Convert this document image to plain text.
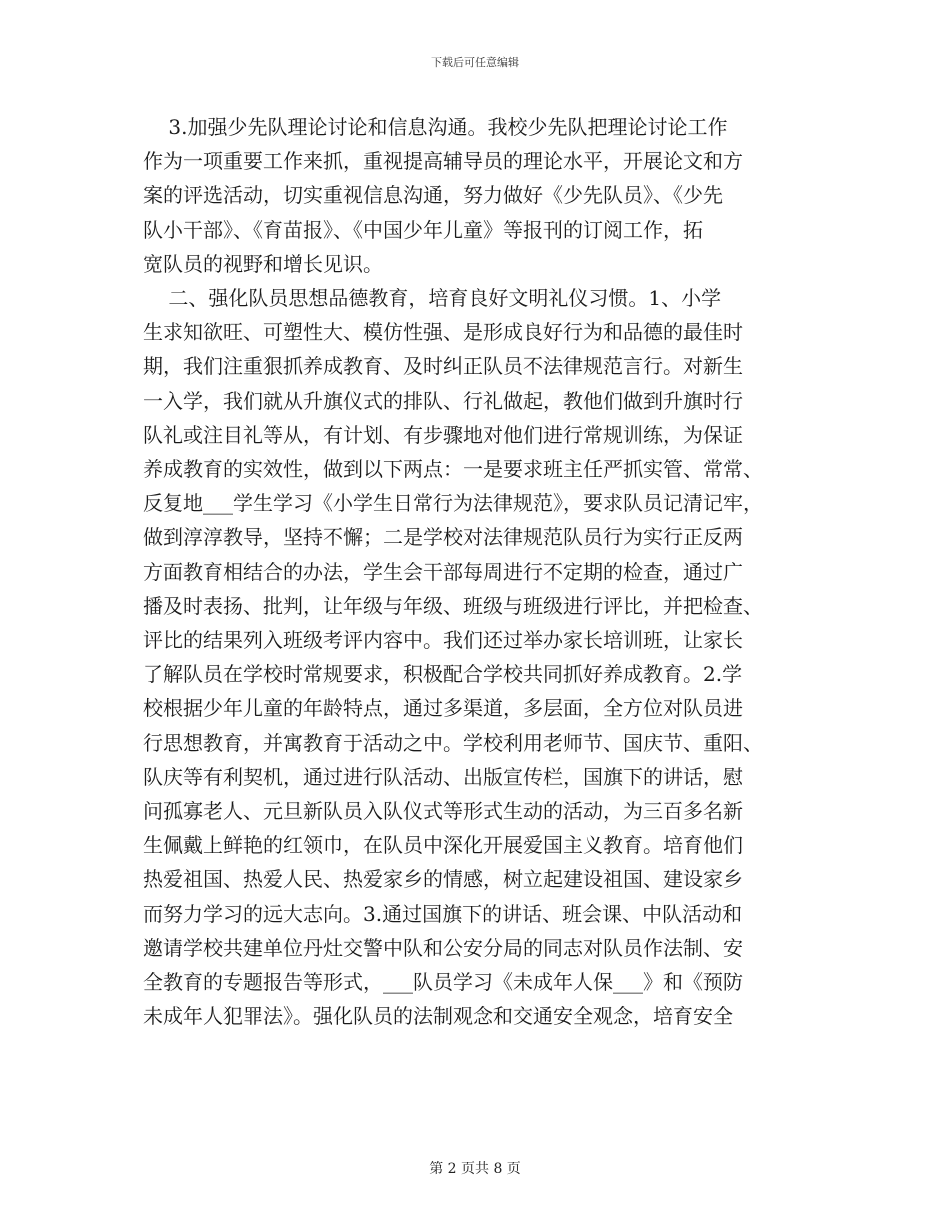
下载后可任意编辑

3.加强少先队理论讨论和信息沟通。我校少先队把理论讨论工作
作为一项重要工作来抓，重视提高辅导员的理论水平，开展论文和方
案的评选活动，切实重视信息沟通，努力做好《少先队员》、《少先
队小干部》、《育苗报》、《中国少年儿童》等报刊的订阅工作，拓
宽队员的视野和增长见识。

二、强化队员思想品德教育，培育良好文明礼仪习惯。1、小学
生求知欲旺、可塑性大、模仿性强、是形成良好行为和品德的最佳时
期，我们注重狠抓养成教育、及时纠正队员不法律规范言行。对新生
一入学，我们就从升旗仪式的排队、行礼做起，教他们做到升旗时行
队礼或注目礼等从，有计划、有步骤地对他们进行常规训练，为保证
养成教育的实效性，做到以下两点：一是要求班主任严抓实管、常常、
反复地___学生学习《小学生日常行为法律规范》，要求队员记清记牢，
做到淳淳教导，坚持不懈；二是学校对法律规范队员行为实行正反两
方面教育相结合的办法，学生会干部每周进行不定期的检查，通过广
播及时表扬、批判，让年级与年级、班级与班级进行评比，并把检查、
评比的结果列入班级考评内容中。我们还过举办家长培训班，让家长
了解队员在学校时常规要求，积极配合学校共同抓好养成教育。2.学
校根据少年儿童的年龄特点，通过多渠道，多层面，全方位对队员进
行思想教育，并寓教育于活动之中。学校利用老师节、国庆节、重阳、
队庆等有利契机，通过进行队活动、出版宣传栏，国旗下的讲话，慰
问孤寡老人、元旦新队员入队仪式等形式生动的活动，为三百多名新
生佩戴上鲜艳的红领巾，在队员中深化开展爱国主义教育。培育他们
热爱祖国、热爱人民、热爱家乡的情感，树立起建设祖国、建设家乡
而努力学习的远大志向。3.通过国旗下的讲话、班会课、中队活动和
邀请学校共建单位丹灶交警中队和公安分局的同志对队员作法制、安
全教育的专题报告等形式，___队员学习《未成年人保___》和《预防
未成年人犯罪法》。强化队员的法制观念和交通安全观念，培育安全

第 2 页共 8 页
